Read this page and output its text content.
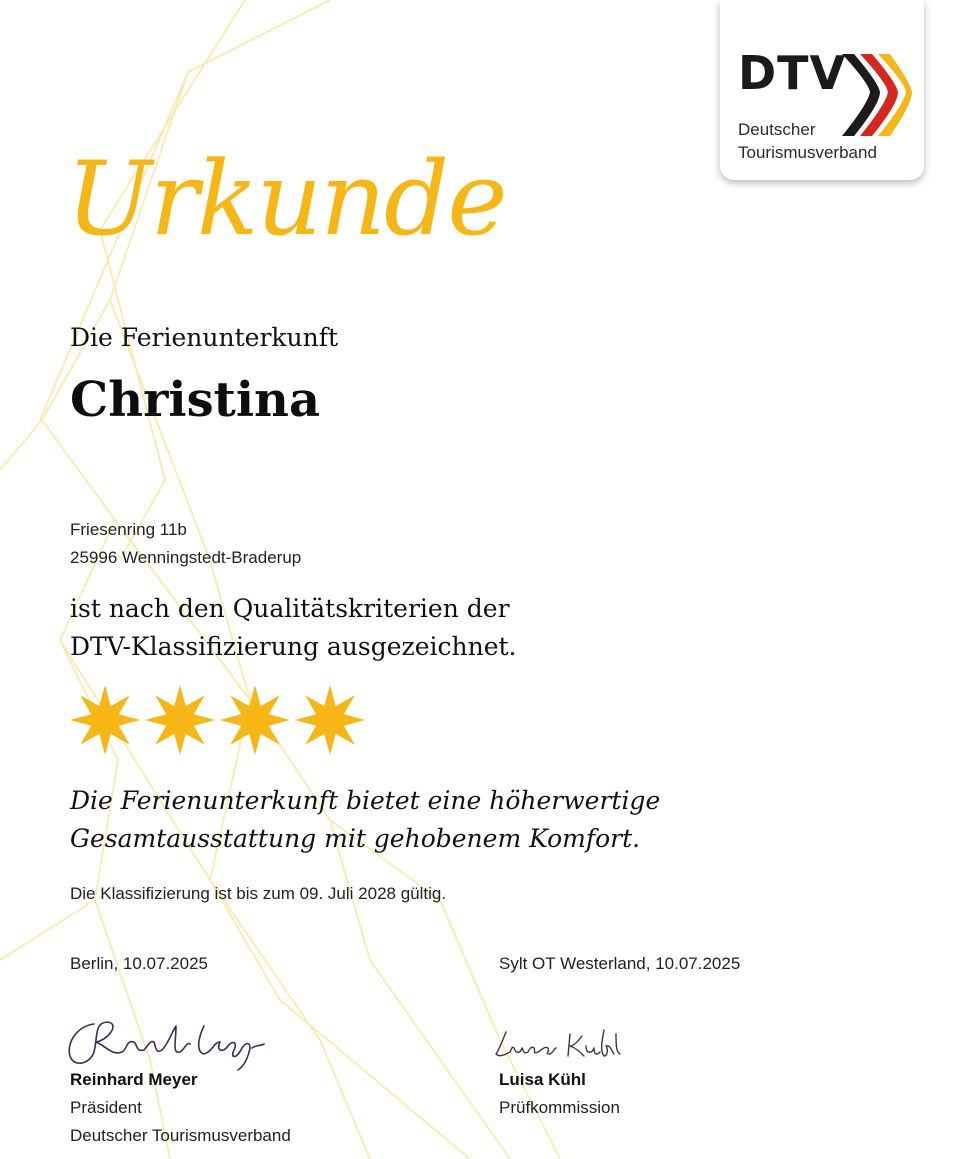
DTV
Deutscher
Tourismusverband
Urkunde
Die Ferienunterkunft
Christina
Friesenring 11b
25996 Wenningstedt-Braderup
ist nach den Qualitätskriterien der
DTV-Klassifizierung ausgezeichnet.
Die Ferienunterkunft bietet eine höherwertige
Gesamtausstattung mit gehobenem Komfort.
Die Klassifizierung ist bis zum 09. Juli 2028 gültig.
Berlin, 10.07.2025	Sylt OT Westerland, 10.07.2025
Reinhard Meyer
Präsident
Deutscher Tourismusverband
Luisa Kühl
Prüfkommission
